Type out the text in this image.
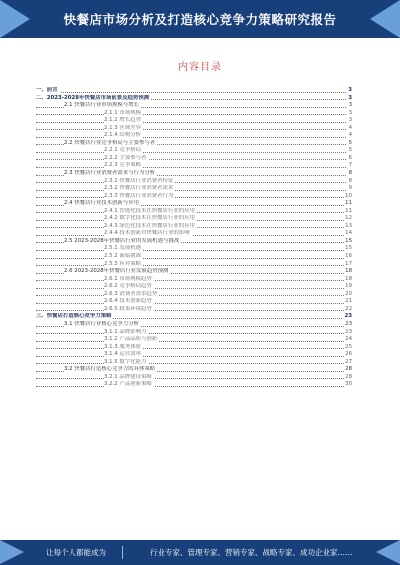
快餐店市场分析及打造核心竞争力策略研究报告
内容目录
一、前言	3
二、2023-2028年快餐店市场前景及趋势预测	3
2.1 快餐店行业市场规模与增长	3
2.1.1 市场规模	3
2.1.2 增长趋势	3
2.1.3 区域差异	4
2.1.4 结构分析	4
2.2 快餐店行业竞争格局与主要参与者	5
2.2.1 竞争格局	5
2.2.2 主要参与者	6
2.2.3 竞争策略	7
2.3 快餐店行业消费者需求与行为分析	8
2.3.1 快餐店行业消费者特征	8
2.3.2 快餐店行业消费者需求	9
2.3.3 快餐店行业消费者行为	10
2.4 快餐店行业技术创新与应用	11
2.4.1 智能化技术在快餐店行业的应用	11
2.4.2 数字化技术在快餐店行业的应用	12
2.4.3 绿色化技术在快餐店行业的应用	13
2.4.4 技术创新对快餐店行业的影响	14
2.5 2023-2028年快餐店行业的发展机遇与挑战	15
2.5.1 发展机遇	15
2.5.2 面临挑战	16
2.5.3 应对策略	17
2.6 2023-2028年快餐店行业发展趋势预测	18
2.6.1 市场规模趋势	18
2.6.2 竞争格局趋势	19
2.6.3 消费者需求趋势	20
2.6.4 技术创新趋势	21
2.6.5 政策环境趋势	22
三、快餐店打造核心竞争力策略	23
3.1 快餐店行业核心竞争力分析	23
3.1.1 品牌影响力	23
3.1.2 产品品质与创新	24
3.1.3 服务体验	25
3.1.4 运营效率	26
3.1.5 数字化能力	27
3.2 快餐店打造核心竞争力的具体策略	28
3.2.1 品牌建设策略	28
3.2.2 产品创新策略	30
让每个人都能成为	行业专家、管理专家、营销专家、战略专家、成功企业家……
